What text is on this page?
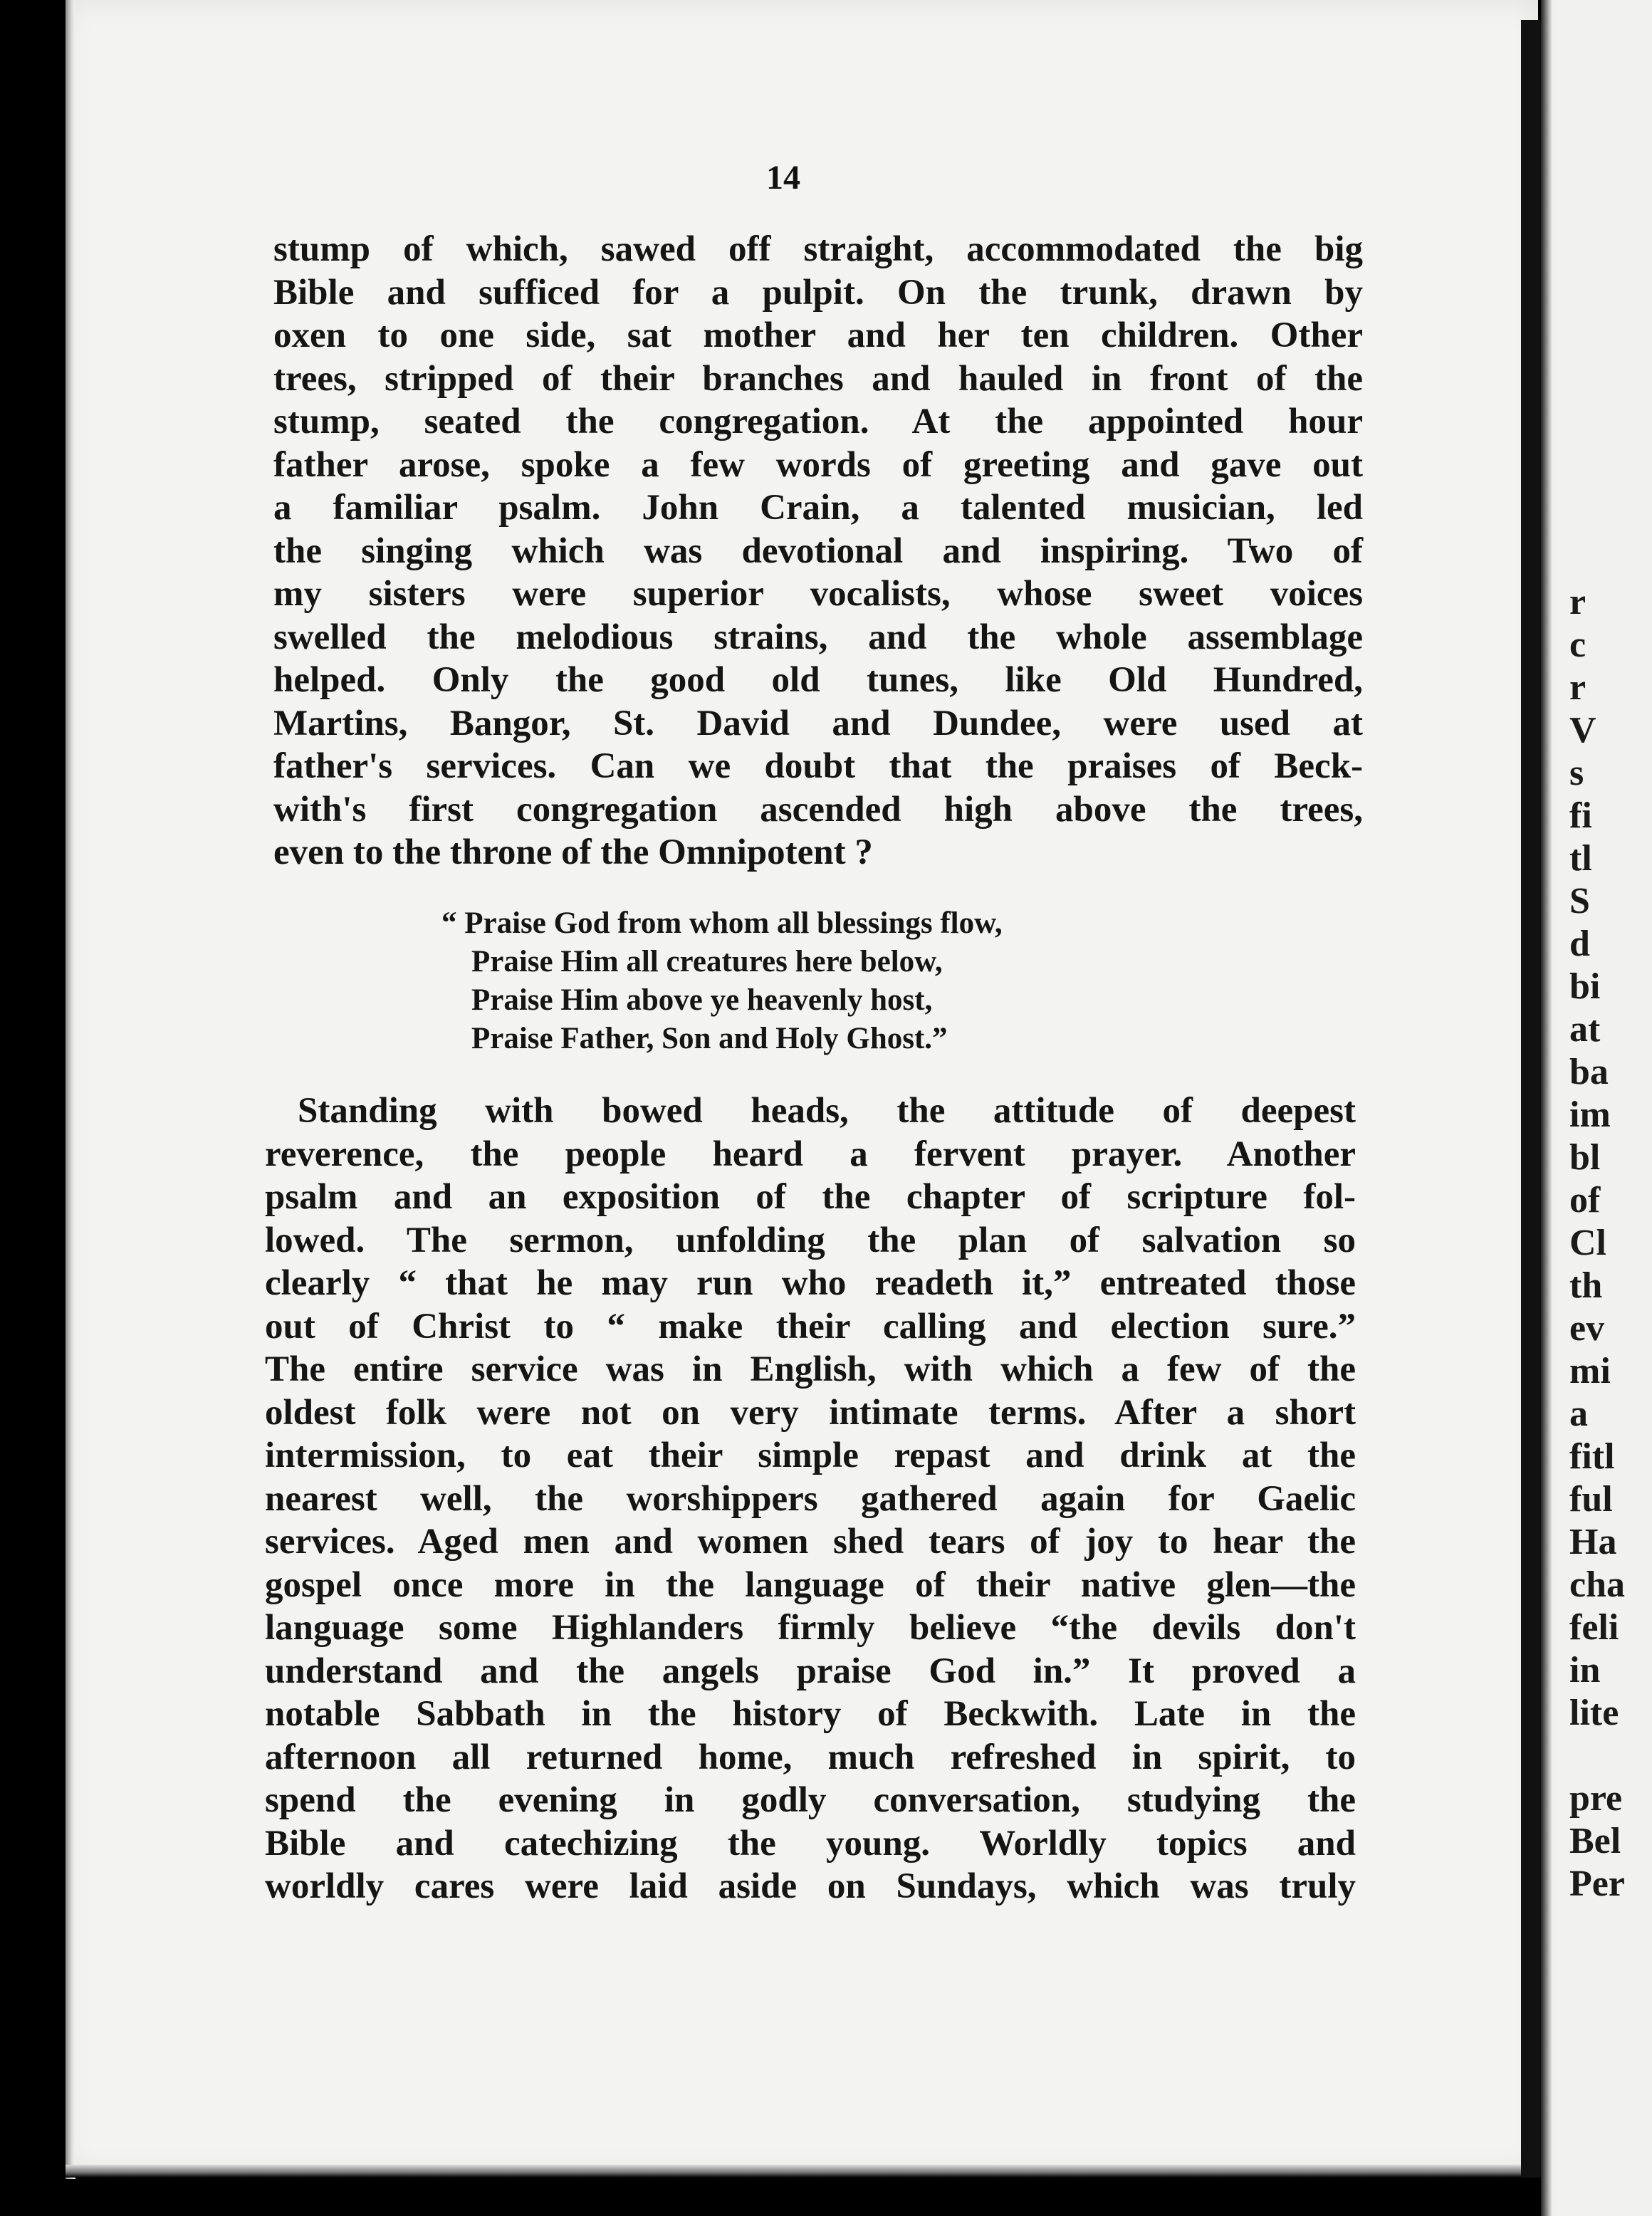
r
c
r
V
s
fi
tl
S
d
bi
at
ba
im
bl
of
Cl
th
ev
mi
a
fitl
ful
Ha
cha
feli
in
lite
pre
Bel
Per
14
stump of which, sawed off straight, accommodated the big
Bible and sufficed for a pulpit. On the trunk, drawn by
oxen to one side, sat mother and her ten children. Other
trees, stripped of their branches and hauled in front of the
stump, seated the congregation. At the appointed hour
father arose, spoke a few words of greeting and gave out
a familiar psalm. John Crain, a talented musician, led
the singing which was devotional and inspiring. Two of
my sisters were superior vocalists, whose sweet voices
swelled the melodious strains, and the whole assemblage
helped. Only the good old tunes, like Old Hundred,
Martins, Bangor, St. David and Dundee, were used at
father's services. Can we doubt that the praises of Beck-
with's first congregation ascended high above the trees,
even to the throne of the Omnipotent ?
“ Praise God from whom all blessings flow,
Praise Him all creatures here below,
Praise Him above ye heavenly host,
Praise Father, Son and Holy Ghost.”
Standing with bowed heads, the attitude of deepest
reverence, the people heard a fervent prayer. Another
psalm and an exposition of the chapter of scripture fol-
lowed. The sermon, unfolding the plan of salvation so
clearly “ that he may run who readeth it,” entreated those
out of Christ to “ make their calling and election sure.”
The entire service was in English, with which a few of the
oldest folk were not on very intimate terms. After a short
intermission, to eat their simple repast and drink at the
nearest well, the worshippers gathered again for Gaelic
services. Aged men and women shed tears of joy to hear the
gospel once more in the language of their native glen—the
language some Highlanders firmly believe “the devils don't
understand and the angels praise God in.” It proved a
notable Sabbath in the history of Beckwith. Late in the
afternoon all returned home, much refreshed in spirit, to
spend the evening in godly conversation, studying the
Bible and catechizing the young. Worldly topics and
worldly cares were laid aside on Sundays, which was truly
